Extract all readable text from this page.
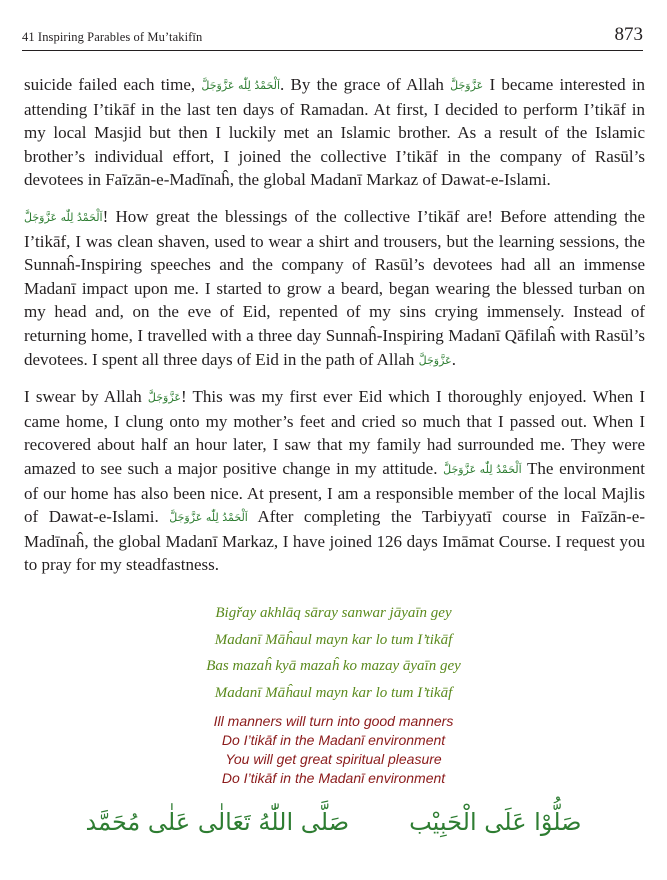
41 Inspiring Parables of Mu’takifīn	873

suicide failed each time, اَلْحَمْدُ لِلّٰه عَزَّوَجَلَّ. By the grace of Allah عَزَّوَجَلَّ I became interested in attending I’tikāf in the last ten days of Ramadan. At first, I decided to perform I’tikāf in my local Masjid but then I luckily met an Islamic brother. As a result of the Islamic brother’s individual effort, I joined the collective I’tikāf in the company of Rasūl’s devotees in Faīzān-e-Madīnaĥ, the global Madanī Markaz of Dawat-e-Islami.

اَلْحَمْدُ لِلّٰه عَزَّوَجَلَّ! How great the blessings of the collective I’tikāf are! Before attending the I’tikāf, I was clean shaven, used to wear a shirt and trousers, but the learning sessions, the Sunnaĥ-Inspiring speeches and the company of Rasūl’s devotees had all an immense Madanī impact upon me. I started to grow a beard, began wearing the blessed turban on my head and, on the eve of Eid, repented of my sins crying immensely. Instead of returning home, I travelled with a three day Sunnaĥ-Inspiring Madanī Qāfilaĥ with Rasūl’s devotees. I spent all three days of Eid in the path of Allah عَزَّوَجَلَّ.

I swear by Allah عَزَّوَجَلَّ! This was my first ever Eid which I thoroughly enjoyed. When I came home, I clung onto my mother’s feet and cried so much that I passed out. When I recovered about half an hour later, I saw that my family had surrounded me. They were amazed to see such a major positive change in my attitude. اَلْحَمْدُ لِلّٰه عَزَّوَجَلَّ The environment of our home has also been nice. At present, I am a responsible member of the local Majlis of Dawat-e-Islami. اَلْحَمْدُ لِلّٰه عَزَّوَجَلَّ After completing the Tarbiyyatī course in Faīzān-e-Madīnaĥ, the global Madanī Markaz, I have joined 126 days Imāmat Course. I request you to pray for my steadfastness.

Bigřay akhlāq sāray sanwar jāyaīn gey
Madanī Māĥaul mayn kar lo tum I’tikāf
Bas mazaĥ kyā mazaĥ ko mazay āyaīn gey
Madanī Māĥaul mayn kar lo tum I’tikāf
Ill manners will turn into good manners
Do I’tikāf in the Madanī environment
You will get great spiritual pleasure
Do I’tikāf in the Madanī environment
صَلُّوْا عَلَى الْحَبِيْب
صَلَّى اللّٰهُ تَعَالٰى عَلٰى مُحَمَّد
